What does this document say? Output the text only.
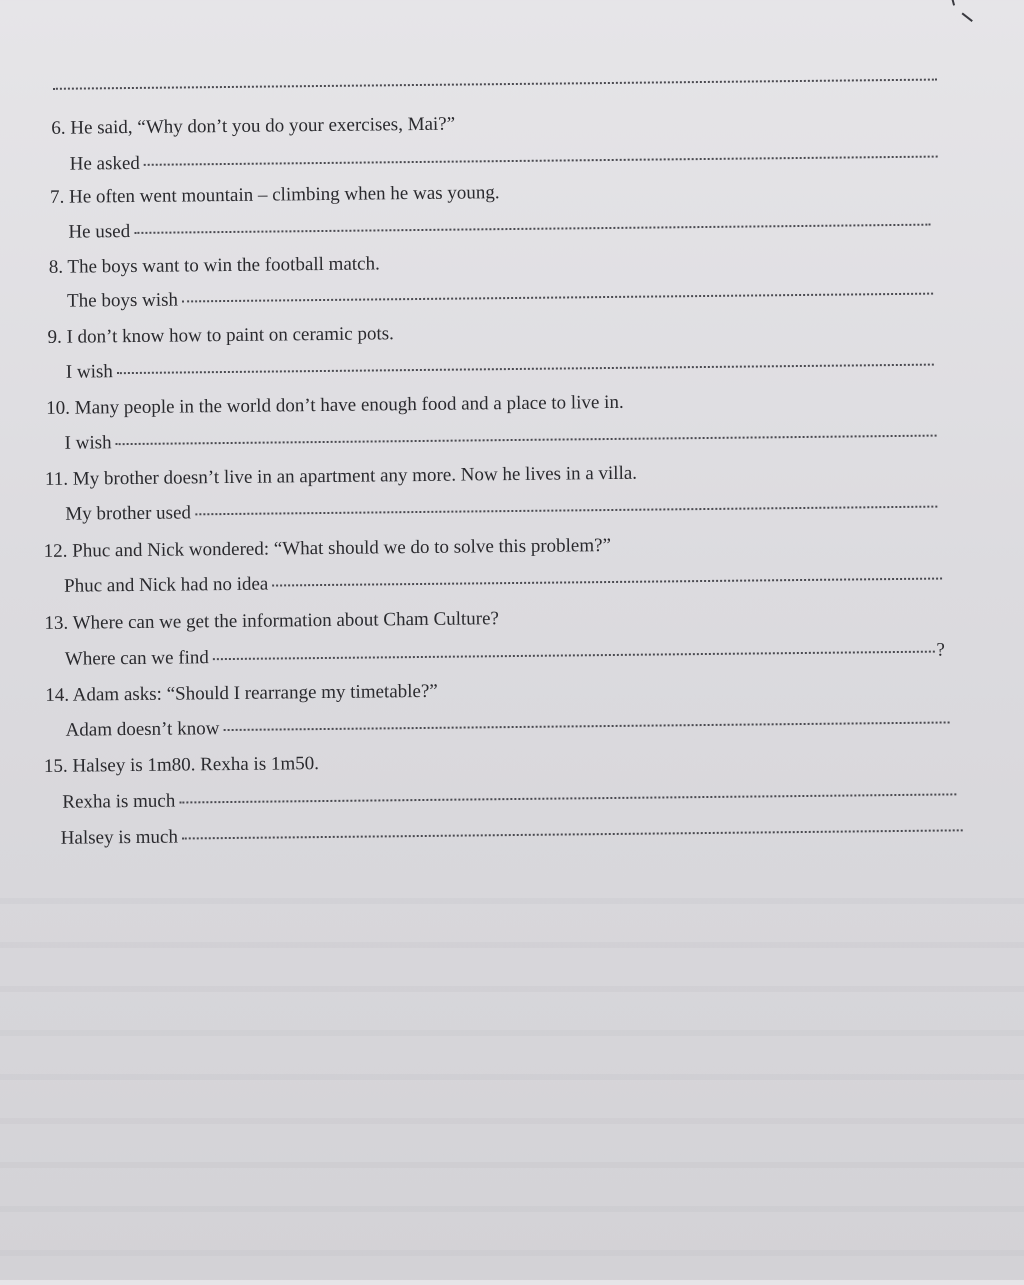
6. He said, “Why don’t you do your exercises, Mai?”
He asked
7. He often went mountain – climbing when he was young.
He used
8. The boys want to win the football match.
The boys wish
9. I don’t know how to paint on ceramic pots.
I wish
10. Many people in the world don’t have enough food and a place to live in.
I wish
11. My brother doesn’t live in an apartment any more. Now he lives in a villa.
My brother used
12. Phuc and Nick wondered: “What should we do to solve this problem?”
Phuc and Nick had no idea
13. Where can we get the information about Cham Culture?
Where can we find	?
14. Adam asks: “Should I rearrange my timetable?”
Adam doesn’t know
15. Halsey is 1m80. Rexha is 1m50.
Rexha is much
Halsey is much
